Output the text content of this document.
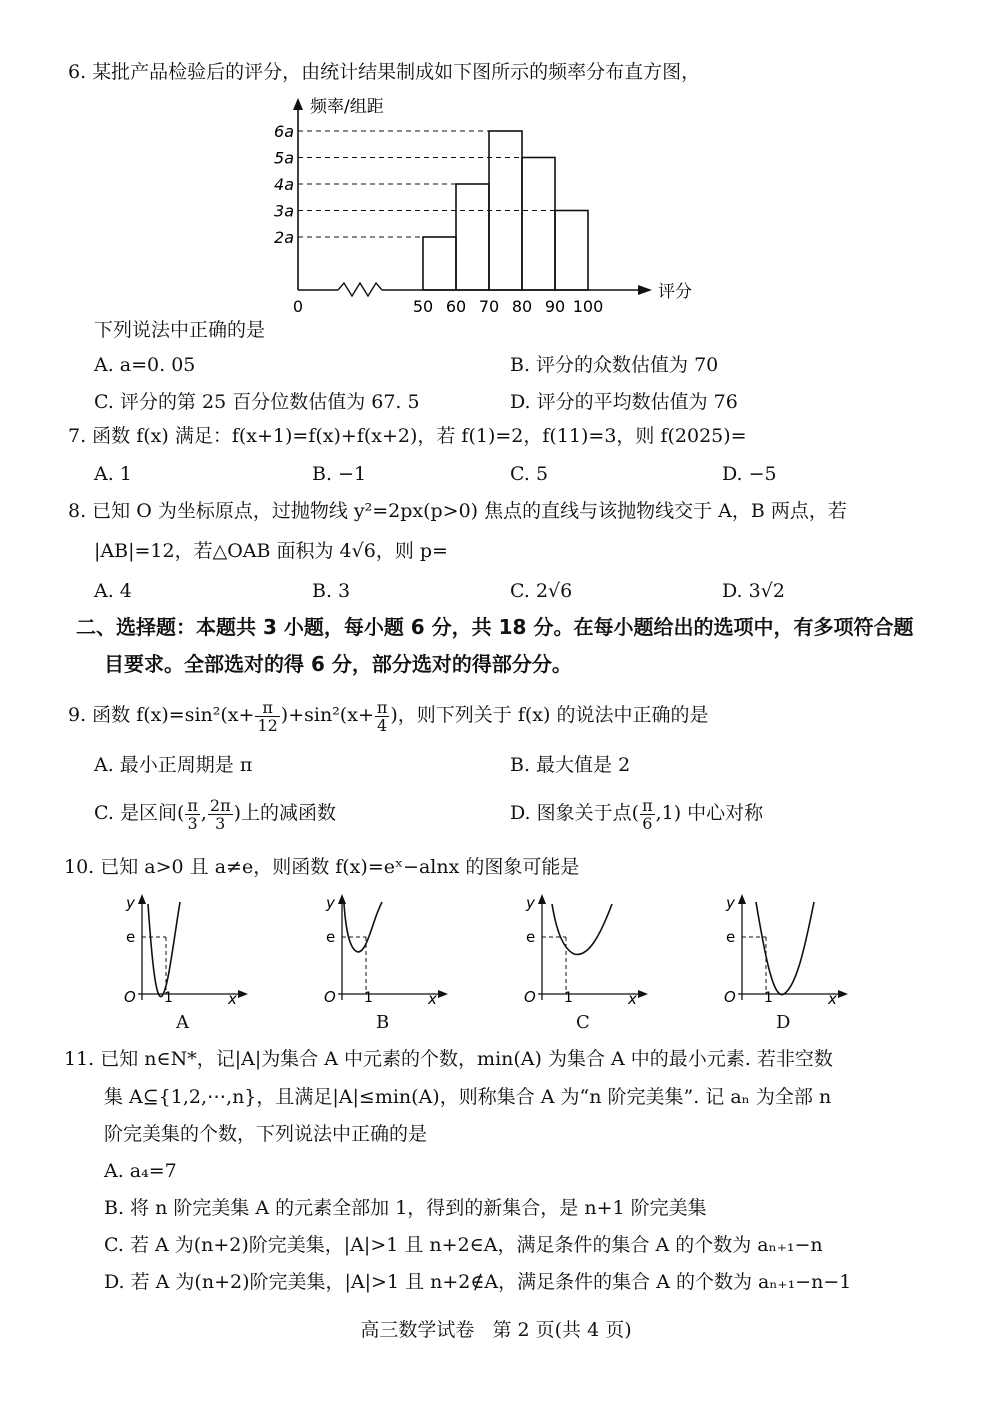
6. 某批产品检验后的评分，由统计结果制成如下图所示的频率分布直方图，
频率/组距
评分
2a
3a
4a
5a
6a
0	50 60 70 80 90 100
下列说法中正确的是
A. a=0. 05	B. 评分的众数估值为 70
C. 评分的第 25 百分位数估值为 67. 5	D. 评分的平均数估值为 76
7. 函数 f(x) 满足：f(x+1)=f(x)+f(x+2)，若 f(1)=2，f(11)=3，则 f(2025)=
A. 1	B. −1	C. 5	D. −5
8. 已知 O 为坐标原点，过抛物线 y²=2px(p>0) 焦点的直线与该抛物线交于 A，B 两点，若
|AB|=12，若△OAB 面积为 4√6，则 p=
A. 4	B. 3	C. 2√6	D. 3√2
二、选择题：本题共 3 小题，每小题 6 分，共 18 分。在每小题给出的选项中，有多项符合题
目要求。全部选对的得 6 分，部分选对的得部分分。
9. 函数 $f(x)=\sin^2(x+ \frac{\pi}{12} )+\sin^2(x+ \frac{\pi}{4}$ )，则下列关于 f(x) 的说法中正确的是
A. 最小正周期是 π	B. 最大值是 2
C. 是区间( $\frac{\pi}{3}$ , $\frac{2\pi}{3}$ )上的减函数	D. 图象关于点( $\frac{\pi}{6} ,1$) 中心对称
10. 已知 a>0 且 a≠e，则函数 f(x)=eˣ−alnx 的图象可能是
y
e
O 1	x
A
y
e
O 1	x
B
y
e
O 1	x
C
y
e
O 1	x
D
11. 已知 n∈N*，记|A|为集合 A 中元素的个数，min(A) 为集合 A 中的最小元素. 若非空数
集 A⊆{1,2,⋯,n}，且满足|A|≤min(A)，则称集合 A 为“n 阶完美集”. 记 aₙ 为全部 n
阶完美集的个数，下列说法中正确的是
A. a₄=7
B. 将 n 阶完美集 A 的元素全部加 1，得到的新集合，是 n+1 阶完美集
C. 若 A 为(n+2)阶完美集，|A|>1 且 n+2∈A，满足条件的集合 A 的个数为 aₙ₊₁−n
D. 若 A 为(n+2)阶完美集，|A|>1 且 n+2∉A，满足条件的集合 A 的个数为 aₙ₊₁−n−1
高三数学试卷   第 2 页(共 4 页)
